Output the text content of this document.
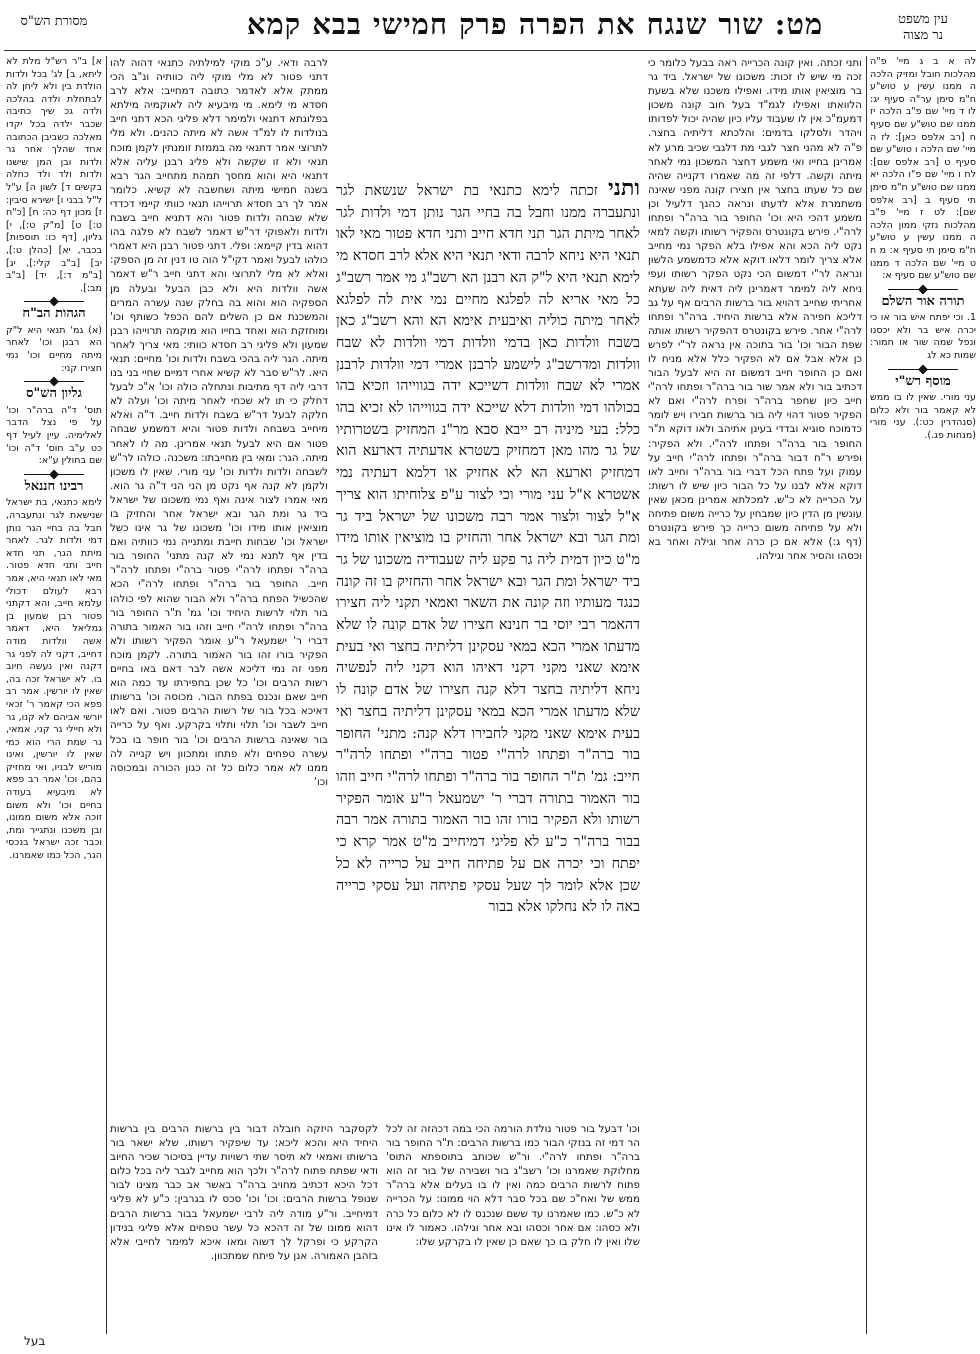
מסורת הש"ס	מט: שור שנגח את הפרה פרק חמישי בבא קמא	עין משפט
נר מצוה

א] ב"ר רש"ל מלת לא ליתא, ב] לג' בכל ולדות הולדת בין ולא ליחן לה לבתחלת ולדה בהלכה ולדה גכ שיך כתיבה שכבר ילדה בכל יקדו מאלכה כשביבן הכתובה אחד שהלך אחר גר ולדות ובן המן שישנו ולדות ולד ולד כחלה בקשים ד] לשון ה] ע"ל ל"ל בבני ו] ישירא סיבין: ז] מכון דף כה: ח] [כ"ח ט:] ט] [מ"ק ט:], י] גליון, [דף כו: תוספות] בכבר, יא] [כהלן ט:], יב] [ב"ב קלי:], יג] [ב"מ ד:], יד] [ב"ב מב:].

הגהות הב"ח

(א) גמ' תנאי היא ל"ק הא רבנן וכו' לאחר מיתה מחיים וכו' נמי חצירו קני:

גליון הש"ס

תוס' ד"ה ברה"ר וכו' על פי נצל הדבר לאלימיה. עיין לעיל דף כט ע"ב חוס' ד"ה וכו' שם בחולין ע"א:

רבינו חננאל

לימא כתנאי, בת ישראל שנישאת לגר ונתעברה, חבל בה בחיי הגר נותן דמי ולדות לגר. לאחר מיתת הגר, תני חדא חייב ותני חדא פטור. מאי לאו תנאי היא, אמר רבא לעולם דכולי עלמא חייב, והא דקתני פטור רבן שמעון בן גמליאל היא, דאמר אשה וולדות מודה דחייב, דקני לה לפני גר דקנה ואין נעשה חיוב בו. לא ישראל זכה בה, שאין לו יורשין. אמר רב פפא הכי קאמר ר' זכאי יורשי אביהם לא קנו, גר ולא חיילי גר קני, אמאי, גר שמת הרי הוא כמי שאין לו יורשין, ואינו מוריש לבניו, ואי מחזיק בהם, וכו' אמר רב פפא לא מיבעיא בעודה בחיים וכו' ולא משום זוכה אלא משום ממונו, ובן משכנו ונתגייר ומת, וכבר זכה ישראל בנכסי הגר, הכל כמו שאמרנו.

לה א ב ג מיי' פ"ה מהלכות חובל ומזיק הלכה ה ממנו עשין ע טוש"ע ח"מ סימן ער"ה סעיף יג: לו ד מיי' שם פ"ב הלכה יז ממנו שם טוש"ע שם סעיף ח [רב אלפס כאן]: לז ה מיי' שם הלכה ו טוש"ע שם סעיף ט [רב אלפס שם]: לח ו מיי' שם פ"ו הלכה יא ממנו שם טוש"ע ח"מ סימן תי סעיף ב [רב אלפס שם]: לט ז מיי' פ"ב מהלכות נזקי ממון הלכה ה ממנו עשין ע טוש"ע ח"מ סימן תי סעיף א: מ ח ט מיי' שם הלכה ד ממנו שם טוש"ע שם סעיף א:

תורה אור השלם

1. וכי יפתח איש בור או כי יכרה איש בר ולא יכסנו ונפל שמה שור או חמור: שמות כא לג

מוסף רש"י

עני מורי. שאין לו בו ממש לא קאמר בור ולא כלום (סנהדרין כט:). עני מורי (מנחות פג.).

ותני זכתה. ואין קונה הכרייה ראה בבעל כלומר כי זכה מי שיש לו זכות: משכונו של ישראל. ביד גר בר מוציאין אותו מידו. ואפילו משכנו שלא בשעת הלוואתו ואפילו לגמ"ד בעל חוב קונה משכון דמעמ"כ אין לו שעבוד עליו כיון שהיה יכול לפדותו ויהדר ולסלקו בדמים: והלכתא דליתיה בחצר. פ"ה לא מהני חצר לגבי מת דלגבי שכיב מרע לא אמרינן בחייו ואי משמע דחצר המשכון נמי לאחר מיתה וקשה. דלפי זה מה שאמרו דקנייה שהיה שם כל שעתו בחצר אין חצירו קונה מפני שאינה משתמרת אלא לדעתו ונראה כהנך דלעיל וכן משמע דהכי היא וכו' החופר בור ברה"ר ופתחו לרה"י. פירש בקונטרס והפקיר רשותו וקשה למאי נקט ליה הכא והא אפילו בלא הפקר נמי מחייב אלא צריך לומר דלאו דוקא אלא כדמשמע הלשון ונראה לר"י דמשום הכי נקט הפקר רשותו ועפי ניחא ליה למימר דאמרינן ליה דאית ליה שעתא אחריתי שחייב דהויא בור ברשות הרבים אף על גב דליכא חפירה אלא ברשות היחיד. ברה"ר ופתחו לרה"י אחר. פירש בקונטרס דהפקיר רשותו אותה שפת הבור וכו' בור בתוכה אין נראה לר"י לפרש כן אלא אבל אם לא הפקיר כלל אלא מניח לו ואם כן החופר חייב דמשום זה היא לבעל הבור דכתיב בור ולא אמר שור בור ברה"ר ופתחו לרה"י חייב כיון שחפר ברה"ר ופרח לרה"י ואם לא הפקיר פטור דהוי ליה בור ברשות חבירו ויש לומר כדמוכח סוגיא ובדדי בעינן אתיהב ולאו דוקא ת"ר החופר בור ברה"ר ופתחו לרה"י. ולא הפקיר: ופירש ר"ח דבור ברה"ר ופתחו לרה"י חייב על עמוק ועל פתח הכל דברי בור ברה"ר וחייב לאו דוקא אלא לבנו על כל הבור כיון שיש לו רשות: על הכרייה לא כ"ש. למכלתא אמרינן מכאן שאין עונשין מן הדין כיון שמבחין על כרייה משום פתיחה ולא על פתיחה משום כרייה כך פירש בקונטרס (דף ג:) אלא אם כן כרה אחר וגילה ואחר בא וכסהו והסיר אחר וגילהו.

לרבה ודאי. ע"כ מוקי למילתיה כתנאי דהוה להו דתני פטור לא מלי מוקי ליה כוותיה ונ"ב הכי ממתק אלא לאדמר כתובה דמחייב: אלא לרב חסדא מי לימא. מי מיבעיא ליה לאוקמיה מילתא בפלוגתא דתנאי ולמימר דלא פליגי הכא דתני חייב בנולדות לו למ"ד אשה לא מיתה כהנים. ולא מלי לתרוצי אמר דתנאי מה בממזת זומנתין לקמן מוכח תנאי ולא זו שקשה ולא פליג רבנן עליה אלא דתנאי היא והוא מחסך תמהת מתחייב הגר רבא בשנה חמישי מיתה ושחשבה לא קשיא. כלומר אמר לך רב חסדא תרוייהו תנאי כוותי קיימי דכדדי שלא שבחה ולדות פטור והא דתניא חייב בשבח ולדות ולאפוקי דר"ש דאמר לשבח לא פלגה בהו דהוא בדין קיימא: ופלי. דתני פטור רבנן היא דאמרי כולהו לבעל ואמר דקי"ל הוה טו דנין זה מן הספק: ואלא לא מלי לתרוצי והא דתני חייב ר"ש דאמר אשה וולדות היא ולא כבן הבעל ובעלה מן הספקיה הוא והוא בה בחלק שנה עשרה המרים והמשכנת אם כן השלים להם הכפל כשותף וכו' ומוחזקת הוא ואחד בחייו הוא מוקמה תרוייהו רבנן שמעון ולא פליגי רב חסדא כוותי: מאי צריך לאחר מיתה. הגר ליה בהכי בשבח ולדות וכו' מחיים: תנאי היא. לר"ש סבר לא קשיא אחרי דמיים שחיי בני בנו דרבי ליה דף מתיבות ונתחלה כולה וכו' א"כ לבעל דחלק כי תו לא שכחי לאחר מיתה וכו' ועלה לא חלקה לבעל דר"ש בשבח ולדות חייב. ד"ה ואלא מיחייב בשבחה ולדות פטור והיא דמשמע שבחה פטור אם היא לבעל תנאי אמרינן. מה לו לאחר מיתה. הגר: ומאי בין מחייבתו: משכנה. כולהו לר"ש לשבחה ולדות ולדות וכו' עני מורי. שאין לו משכון ולקמן לא קנה אף נקט מן הני הני ד"ה גר הוא. מאי אמרו לצור אינה ואף נמי משכונו של ישראל ביד גר ומת הגר ובא ישראל אחר והחזיק בו מוציאין אותו מידו וכו' משכונו של גר אינו כשל ישראל וכו' שבחות חייבת ומתנייה נמי כוותיה ואם בדין אף לתנא נמי לא קנה מתני' החופר בור ברה"ר ופתחו לרה"י פטור ברה"י ופתחו לרה"ר חייב. החופר בור ברה"ר ופתחו לרה"י הכא שהכשיל הפתח ברה"ר ולא הבור שהוא לפי כולהו בור תלוי לרשות היחיד וכו' גמ' ת"ר החופר בור ברה"ר ופתחו לרה"י חייב וזהו בור האמור בתורה דברי ר' ישמעאל ר"ע אומר הפקיר רשותו ולא הפקיר בורו זהו בור האמור בתורה. לקמן מוכח מפני זה נמי דליכא אשה לבר דאם באו בחיים רשות הרבים וכו' כל שכן בחפירתו עד כמה הוא חייב שאם ונכנס בפתח הבור. מכוסה וכו' ברשותו דאיכא בכל בור של רשות הרבים פטור. ואם לאו חייב לשבר וכו' תלוי ותלוי בקרקע. ואף על כרייה בור שאינה ברשות הרבים וכו' בור חופר בו בכל עשרה טפחים ולא פתחו ומתכוון ויש קנייה לה ממנו לא אמר כלום כל זה כגון הכורה ובמכוסה וכו'

ותני זכתה לימא כתנאי בת ישראל שנשאת לגר ונתעברה ממנו וחבל בה בחיי הגר נותן דמי ולדות לגר לאחר מיתת הגר תני חדא חייב ותני חדא פטור מאי לאו תנאי היא ניחא לרבה ודאי תנאי היא אלא לרב חסדא מי לימא תנאי היא ל"ק הא רבנן הא רשב"ג מי אמר רשב"ג כל מאי אריא לה לפלגא מחיים נמי אית לה לפלגא לאחר מיתה כוליה ואיבעית אימא הא והא רשב"ג כאן בשבח וולדות כאן בדמי וולדות דמי וולדות לא שבח וולדות ומדרשב"ג לישמע לרבנן אמרי דמי וולדות לרבנן אמרי לא שבח וולדות דשייכא ידה בגווייהו וזכיא בהו בכולהו דמי וולדות דלא שייכא ידה בגווייהו לא זכיא בהו כלל: בעי מיניה רב ייבא סבא מר"נ המחזיק בשטרותיו של גר מהו מאן דמחזיק בשטרא אדעתיה דארעא הוא דמחזיק וארעא הא לא אחזיק או דלמא דעתיה נמי אשטרא א"ל עני מורי וכי לצור ע"פ צלוחיתו הוא צריך א"ל לצור ולצור אמר רבה משכונו של ישראל ביד גר ומת הגר ובא ישראל אחר והחזיק בו מוציאין אותו מידו מ"ט כיון דמית ליה גר פקע ליה שעבודיה משכונו של גר ביד ישראל ומת הגר ובא ישראל אחר והחזיק בו זה קונה כנגד מעותיו וזה קונה את השאר ואמאי תקני ליה חצירו דהאמר רבי יוסי בר חנינא חצירו של אדם קונה לו שלא מדעתו אמרי הכא במאי עסקינן דליתיה בחצר ואי בעית אימא שאני מקני דקני דאיהו הוא דקני ליה לנפשיה ניחא דליתיה בחצר דלא קנה חצירו של אדם קונה לו שלא מדעתו אמרי הכא במאי עסקינן דליתיה בחצר ואי בעית אימא שאני מקני לחבירו דלא קנה: מתני' החופר בור ברה"ר ופתחו לרה"י פטור ברה"י ופתחו לרה"ר חייב: גמ' ת"ר החופר בור ברה"ר ופתחו לרה"י חייב וזהו בור האמור בתורה דברי ר' ישמעאל ר"ע אומר הפקיר רשותו ולא הפקיר בורו זהו בור האמור בתורה אמר רבה בבור ברה"ר כ"ע לא פליגי דמיחייב מ"ט אמר קרא כי יפתח וכי יכרה אם על פתיחה חייב על כרייה לא כל שכן אלא לומר לך שעל עסקי פתיחה ועל עסקי כרייה באה לו לא נחלקו אלא בבור

לקסקבר היזקה חובלה דבור בין ברשות הרבים בין ברשות היחיד היא והכא ליכא: עד שיפקיר רשותו. שלא ישאר בור ברשותו ואמאי לא תיסר שתי רשויות עדיין בסיכור שכיר החיוב ודאי שפתח פתוח לרה"ר ולכך הוא מחייב לגבר ליה בכל כלום דכל היכא דכתיב מחויב ברה"ר באשר אב כבר מצינו לבור שנופל ברשות הרבים: וכו' וכו' סכס לו בגרבין: כ"ע לא פליגי דמיחייב. ור"ע מודה ליה לרבי ישמעאל בבור ברשות הרבים דהוא ממונו של זה דהכא כל עשר טפחים אלא פליגי בנידון הקרקע כי ופרקל לך דשוה ומאו איכא למימר לחייבי אלא בזהבן האמורה. אנן על פיתח שמתכוון.

וכו' דבעל בור פטור נולדת הורמה הכי במה דכהזה זה לכל הר דמי זה בנזקי הבור כמו ברשות הרבים: ת"ר החופר בור ברה"ר ופתחו לרה"י. ור"ש שכותב בתוספתא התוס' מחלוקת שאמרנו וכו' רשב"ג בור ושבירה של בור זה הוא פתוח לרשות הרבים כמה ואין לו בו בעלים אלא ברה"ר ממש של ואח"כ שם בכל סבר דלא הוי ממונו: על הכרייה לא כ"ש. כמו שאמרנו עד ששם שנכנס לו לא כלום כל כרה ולא כסהו: אם אחר וכסהו ובא אחר וגילהו. כאמור לו אינו שלו ואין לו חלק בו כך שאם כן שאין לו בקרקע שלו:

בעל
